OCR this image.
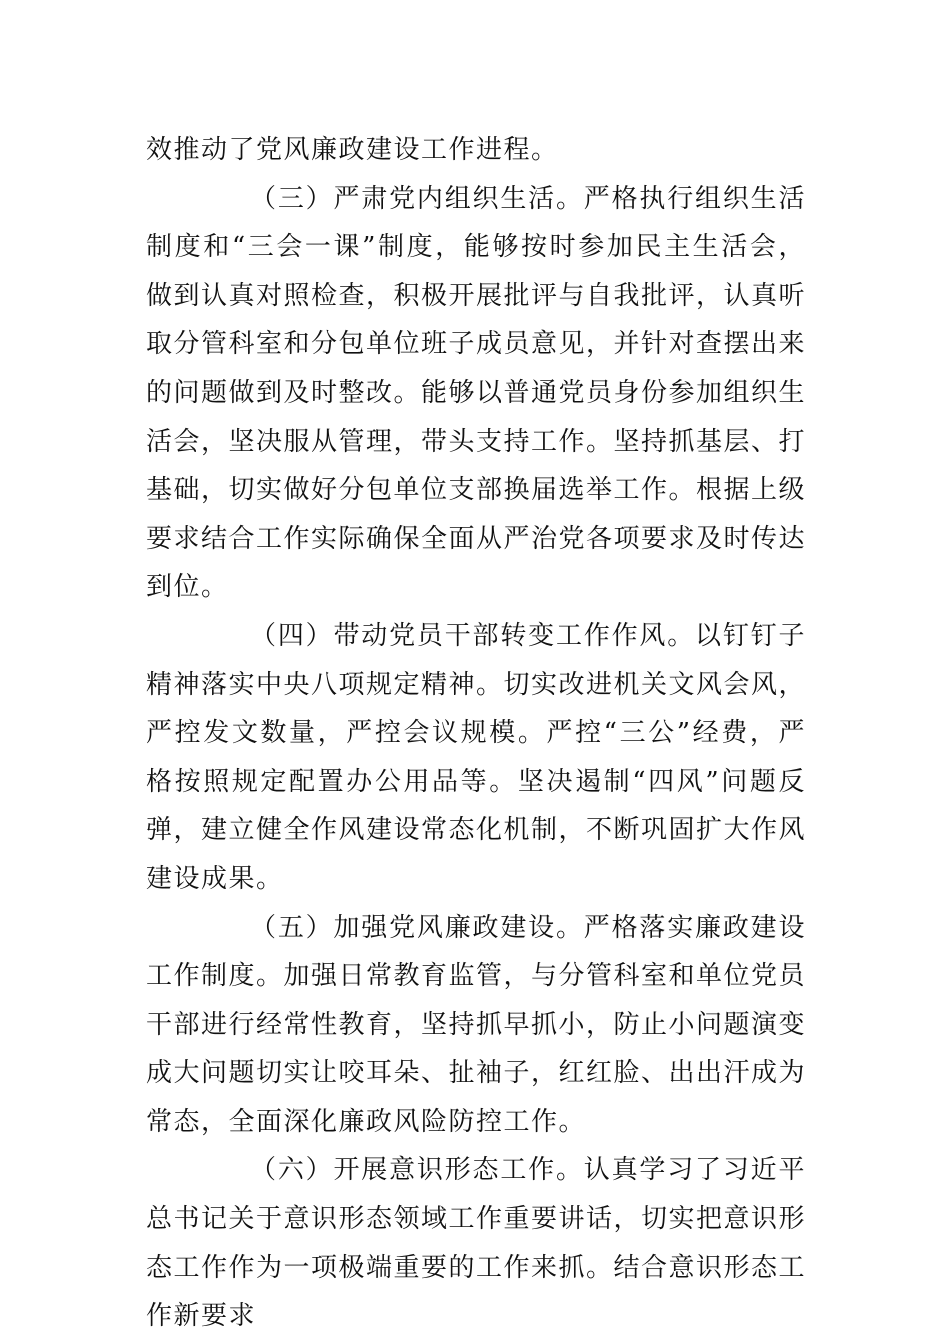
效推动了党风廉政建设工作进程。

（三）严肃党内组织生活。严格执行组织生活制度和“三会一课”制度，能够按时参加民主生活会，做到认真对照检查，积极开展批评与自我批评，认真听取分管科室和分包单位班子成员意见，并针对查摆出来的问题做到及时整改。能够以普通党员身份参加组织生活会，坚决服从管理，带头支持工作。坚持抓基层、打基础，切实做好分包单位支部换届选举工作。根据上级要求结合工作实际确保全面从严治党各项要求及时传达到位。

（四）带动党员干部转变工作作风。以钉钉子精神落实中央八项规定精神。切实改进机关文风会风，严控发文数量，严控会议规模。严控“三公”经费，严格按照规定配置办公用品等。坚决遏制“四风”问题反弹，建立健全作风建设常态化机制，不断巩固扩大作风建设成果。

（五）加强党风廉政建设。严格落实廉政建设工作制度。加强日常教育监管，与分管科室和单位党员干部进行经常性教育，坚持抓早抓小，防止小问题演变成大问题切实让咬耳朵、扯袖子，红红脸、出出汗成为常态，全面深化廉政风险防控工作。

（六）开展意识形态工作。认真学习了习近平总书记关于意识形态领域工作重要讲话，切实把意识形态工作作为一项极端重要的工作来抓。结合意识形态工作新要求
